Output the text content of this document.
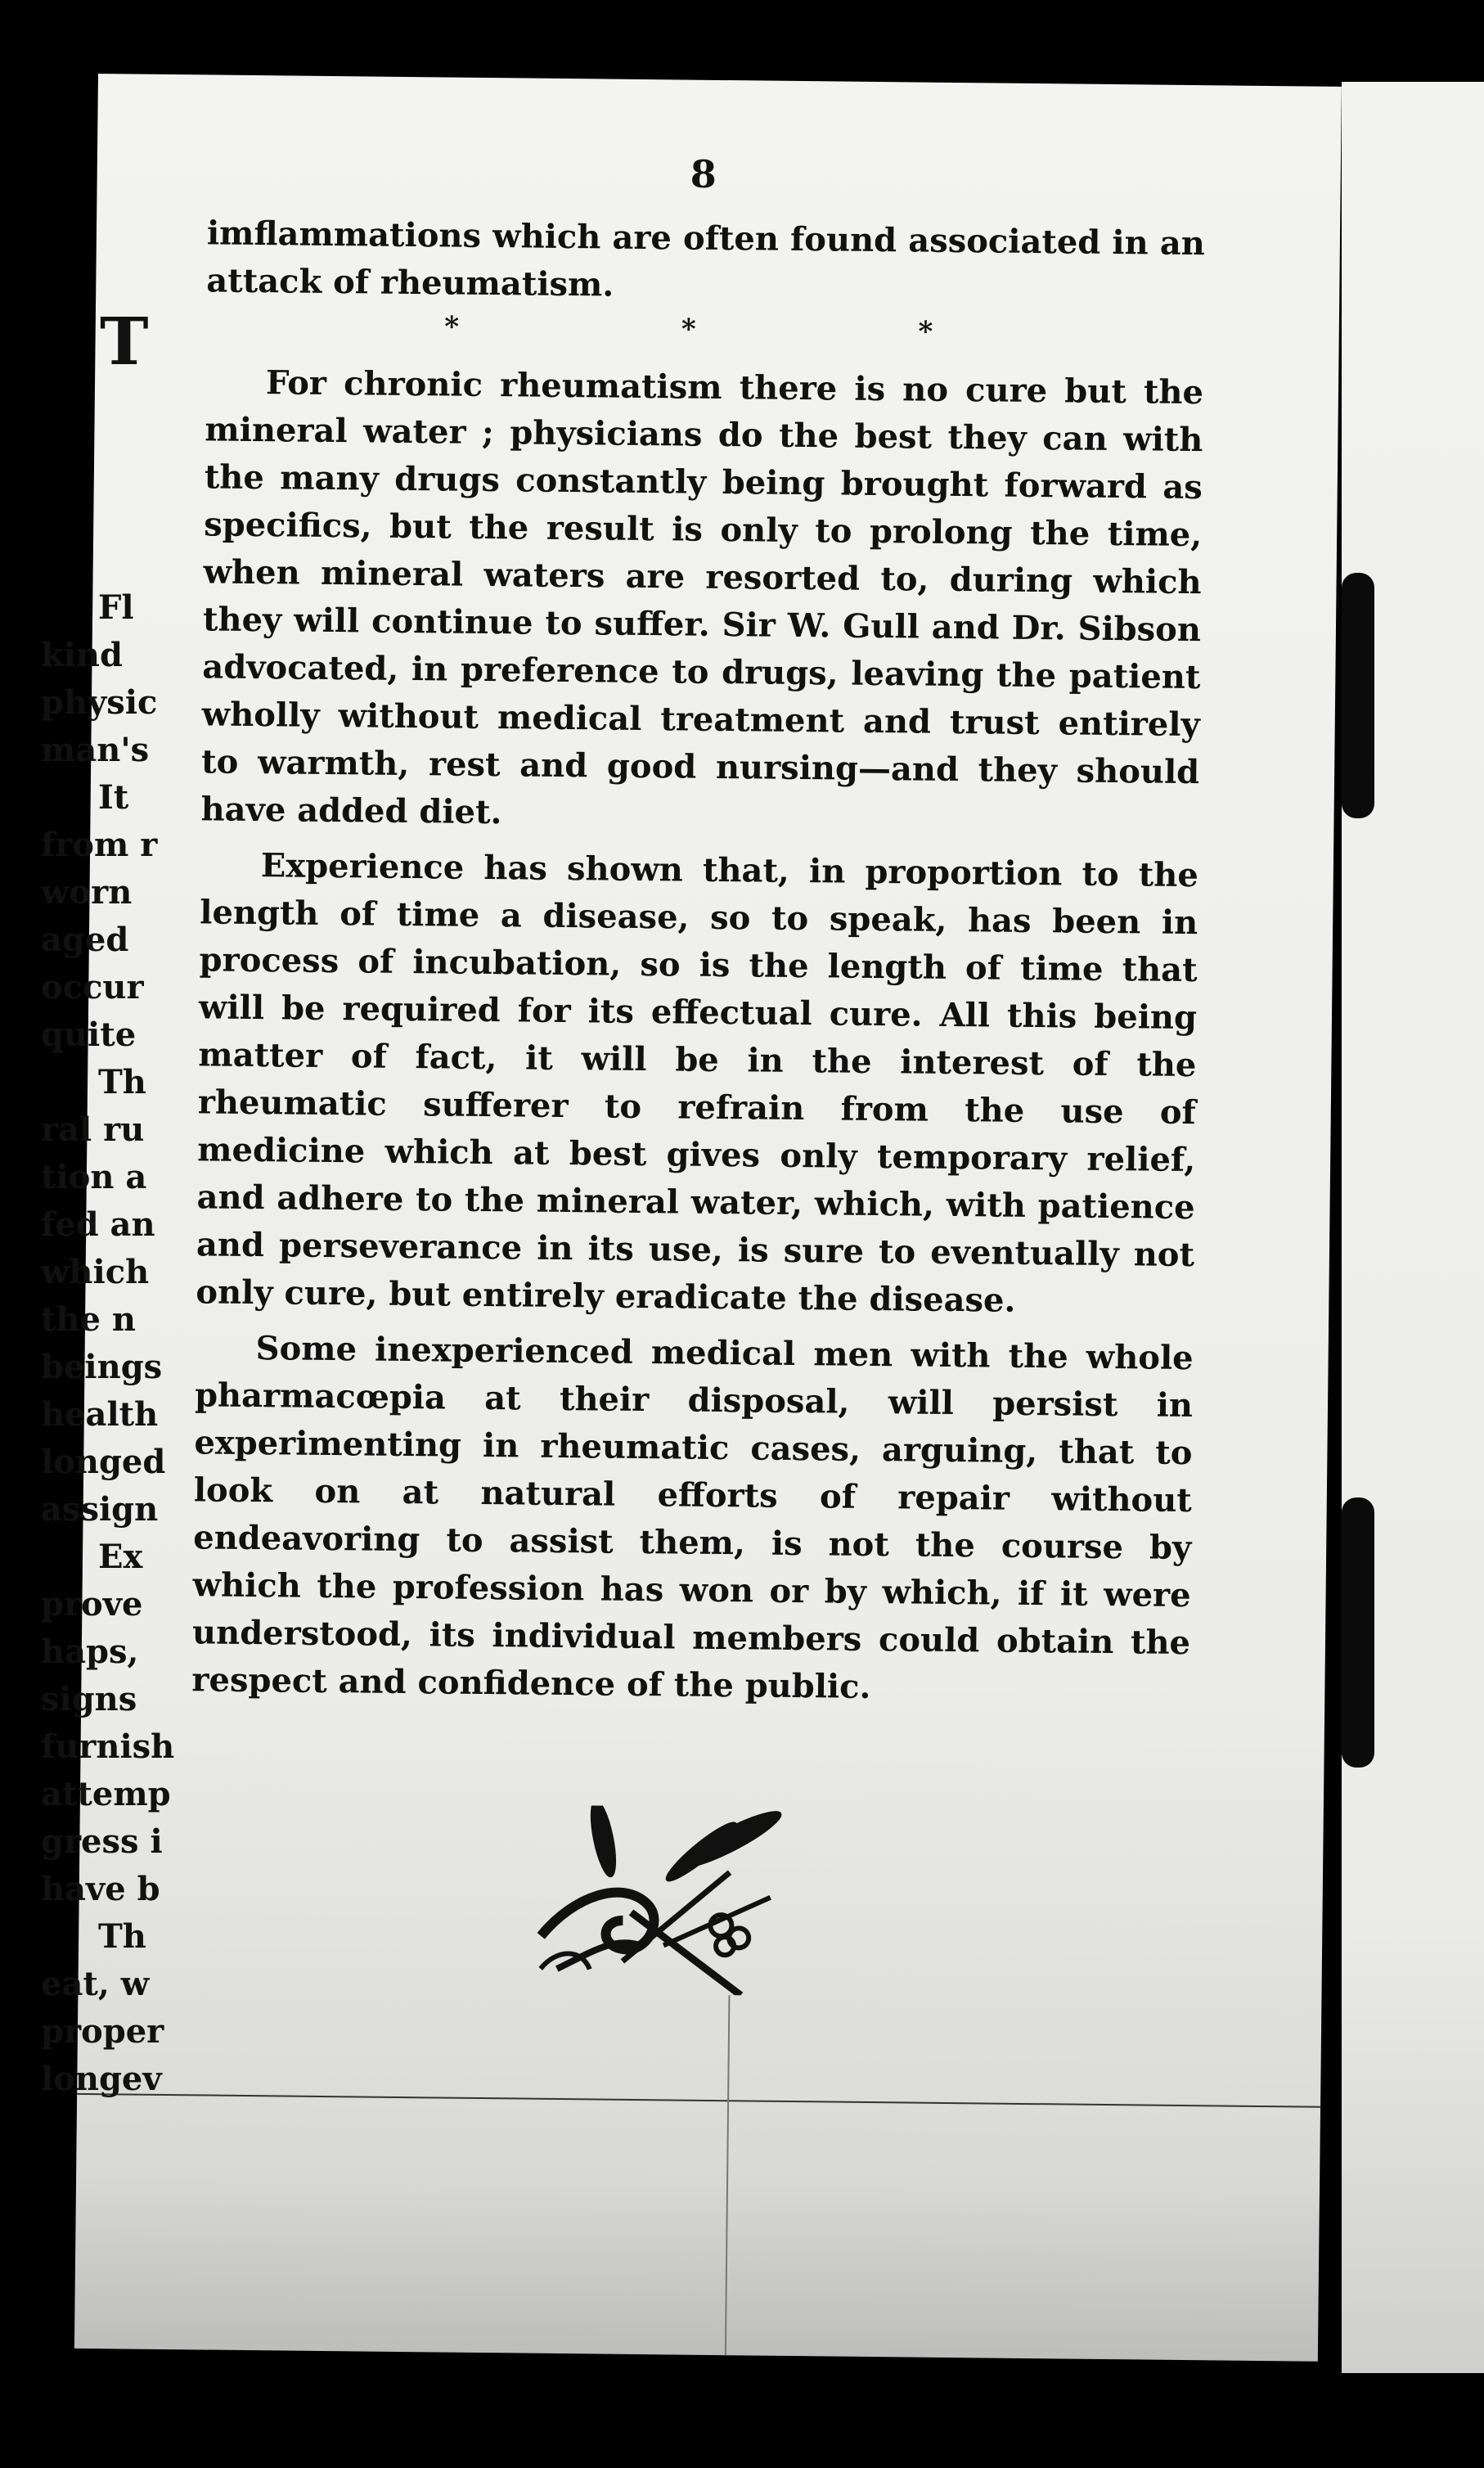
8

imflammations which are often found associated in an attack of rheumatism.

* * *

For chronic rheumatism there is no cure but the mineral water ; physicians do the best they can with the many drugs constantly being brought forward as specifics, but the result is only to prolong the time, when mineral waters are resorted to, during which they will continue to suffer. Sir W. Gull and Dr. Sibson advocated, in preference to drugs, leaving the patient wholly without medical treatment and trust entirely to warmth, rest and good nursing—and they should have added diet.

Experience has shown that, in proportion to the length of time a disease, so to speak, has been in process of incubation, so is the length of time that will be required for its effectual cure. All this being matter of fact, it will be in the interest of the rheumatic sufferer to refrain from the use of medicine which at best gives only temporary relief, and adhere to the mineral water, which, with patience and perseverance in its use, is sure to eventually not only cure, but entirely eradicate the disease.

Some inexperienced medical men with the whole pharmacœpia at their disposal, will persist in experimenting in rheumatic cases, arguing, that to look on at natural efforts of repair without endeavoring to assist them, is not the course by which the profession has won or by which, if it were understood, its individual members could obtain the respect and confidence of the public.

T
Fl
kind
physic
man's
It
from r
worn
aged
occur
quite
Th
ral ru
tion a
fed an
which
the n
beings
health
longed
assign
Ex
prove
haps,
signs
furnish
attemp
gress i
have b
Th
eat, w
proper
longev
